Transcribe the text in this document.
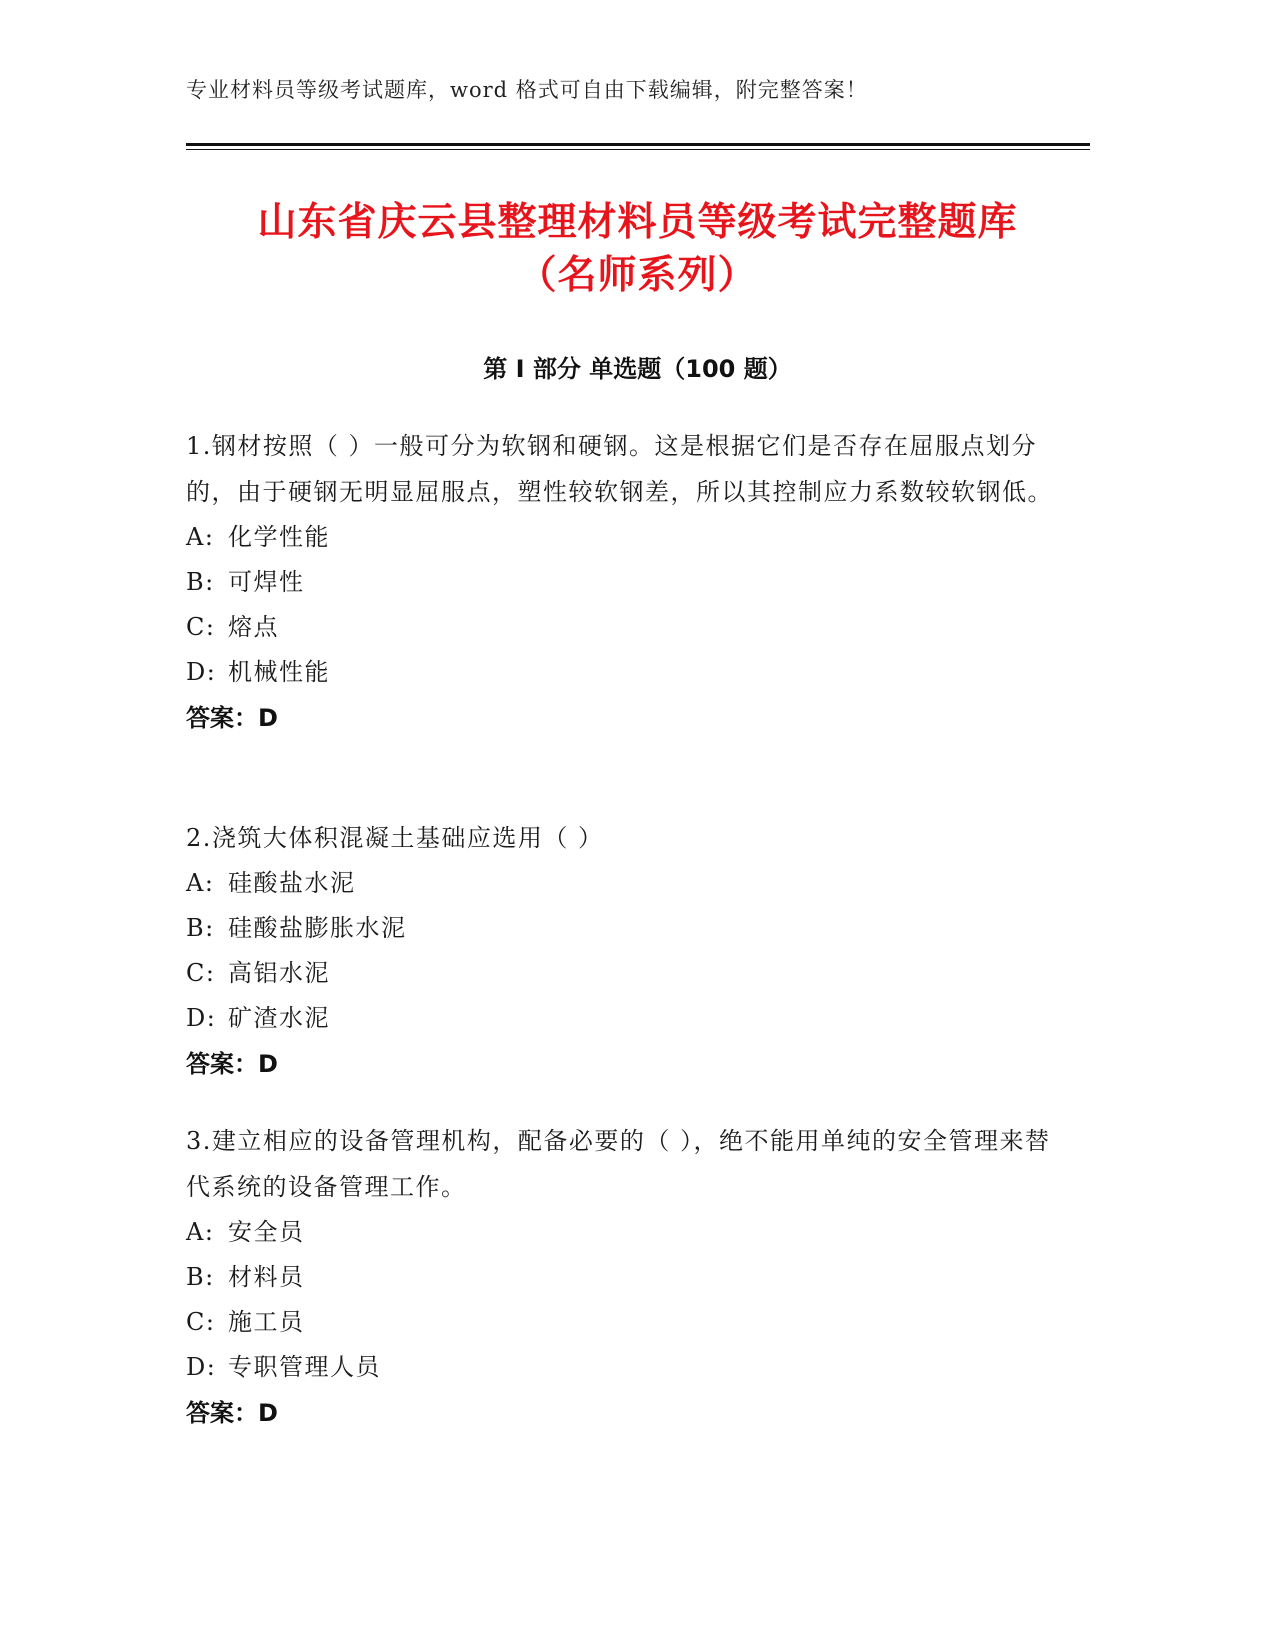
专业材料员等级考试题库，word 格式可自由下载编辑，附完整答案！
山东省庆云县整理材料员等级考试完整题库
（名师系列）
第 I 部分 单选题（100 题）
1.钢材按照（ ）一般可分为软钢和硬钢。这是根据它们是否存在屈服点划分的，由于硬钢无明显屈服点，塑性较软钢差，所以其控制应力系数较软钢低。
A: 化学性能
B: 可焊性
C: 熔点
D: 机械性能
答案：D
2.浇筑大体积混凝土基础应选用（ ）
A: 硅酸盐水泥
B: 硅酸盐膨胀水泥
C: 高铝水泥
D: 矿渣水泥
答案：D
3.建立相应的设备管理机构，配备必要的（ ），绝不能用单纯的安全管理来替代系统的设备管理工作。
A: 安全员
B: 材料员
C: 施工员
D: 专职管理人员
答案：D
